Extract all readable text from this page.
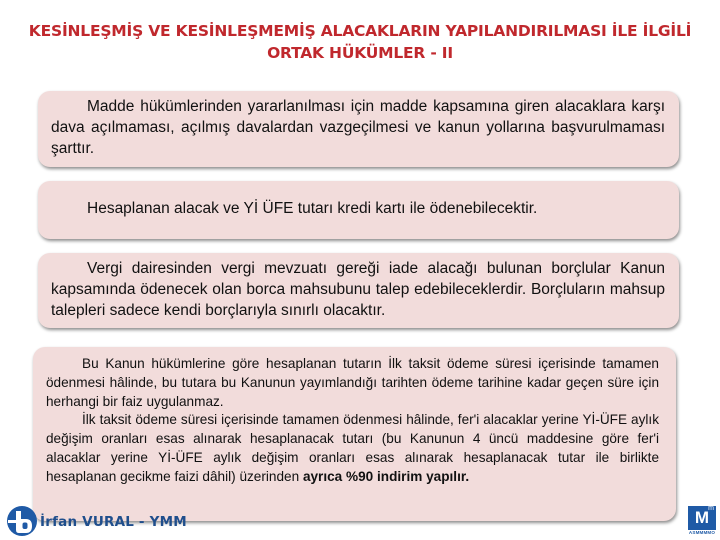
KESİNLEŞMİŞ VE KESİNLEŞMEMİŞ ALACAKLARIN YAPILANDIRILMASI İLE İLGİLİ
ORTAK HÜKÜMLER - II

Madde hükümlerinden yararlanılması için madde kapsamına giren alacaklara karşı dava açılmaması, açılmış davalardan vazgeçilmesi ve kanun yollarına başvurulmaması şarttır.

Hesaplanan alacak ve Yİ ÜFE tutarı kredi kartı ile ödenebilecektir.

Vergi dairesinden vergi mevzuatı gereği iade alacağı bulunan borçlular Kanun kapsamında ödenecek olan borca mahsubunu talep edebileceklerdir. Borçluların mahsup talepleri sadece kendi borçlarıyla sınırlı olacaktır.

Bu Kanun hükümlerine göre hesaplanan tutarın İlk taksit ödeme süresi içerisinde tamamen ödenmesi hâlinde, bu tutara bu Kanunun yayımlandığı tarihten ödeme tarihine kadar geçen süre için herhangi bir faiz uygulanmaz.

İlk taksit ödeme süresi içerisinde tamamen ödenmesi hâlinde, fer'i alacaklar yerine Yİ-ÜFE aylık değişim oranları esas alınarak hesaplanacak tutarı (bu Kanunun 4 üncü maddesine göre fer'i alacaklar yerine Yİ-ÜFE aylık değişim oranları esas alınarak hesaplanacak tutar ile birlikte hesaplanan gecikme faizi dâhil) üzerinden ayrıca %90 indirim yapılır.

İrfan VURAL - YMM	M m
ASMMMMO
